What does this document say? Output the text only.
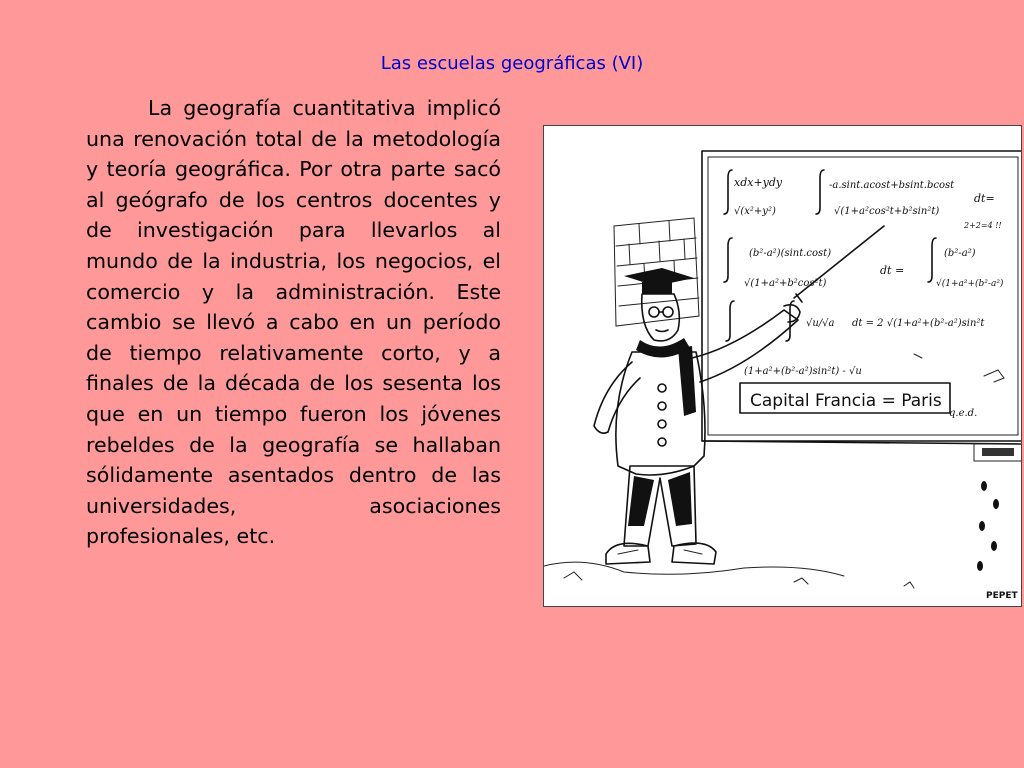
Las escuelas geográficas (VI)

La geografía cuantitativa implicó una renovación total de la metodología y teoría geográfica. Por otra parte sacó al geógrafo de los centros docentes y de investigación para llevarlos al mundo de la industria, los negocios, el comercio y la administración. Este cambio se llevó a cabo en un período de tiempo relativamente corto, y a finales de la década de los sesenta los que en un tiempo fueron los jóvenes rebeldes de la geografía se hallaban sólidamente asentados dentro de las universidades, asociaciones profesionales, etc.

xdx+ydy
√(x²+y²)
-a.sint.acost+bsint.bcost
√(1+a²cos²t+b²sin²t)
dt=
2+2=4 !!
(b²-a²)(sint.cost)
√(1+a²+b²cos²t)
dt =
(b²-a²)
√(1+a²+(b²-a²)
dt = 2 √(1+a²+(b²-a²)sin²t
√u/√a
(1+a²+(b²-a²)sin²t) - √u
q.e.d.
Capital Francia = Paris
PEPET
